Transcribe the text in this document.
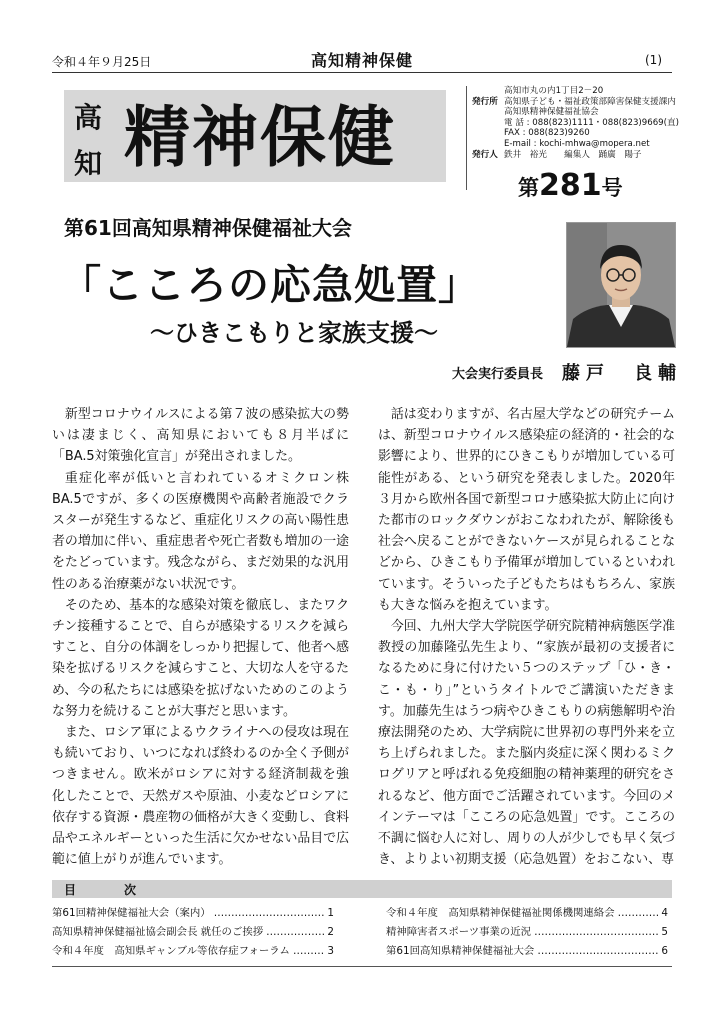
令和４年９月25日	高知精神保健	(1)
高
知 精神保健
高知市丸の内1丁目2－20
発行所 高知県子ども・福祉政策部障害保健支援課内
高知県精神保健福祉協会
電 話 : 088(823)1111・088(823)9669(直)
FAX : 088(823)9260
E-mail : kochi-mhwa@mopera.net
発行人 鉄井　裕光　　編集人　踊廣　陽子
第281号
第61回高知県精神保健福祉大会
「こころの応急処置」
～ひきこもりと家族支援～
大会実行委員長 藤戸　良輔

新型コロナウイルスによる第７波の感染拡大の勢いは凄まじく、高知県においても８月半ばに「BA.5対策強化宣言」が発出されました。

重症化率が低いと言われているオミクロン株BA.5ですが、多くの医療機関や高齢者施設でクラスターが発生するなど、重症化リスクの高い陽性患者の増加に伴い、重症患者や死亡者数も増加の一途をたどっています。残念ながら、まだ効果的な汎用性のある治療薬がない状況です。

そのため、基本的な感染対策を徹底し、またワクチン接種することで、自らが感染するリスクを減らすこと、自分の体調をしっかり把握して、他者へ感染を拡げるリスクを減らすこと、大切な人を守るため、今の私たちには感染を拡げないためのこのような努力を続けることが大事だと思います。

また、ロシア軍によるウクライナへの侵攻は現在も続いており、いつになれば終わるのか全く予側がつきません。欧米がロシアに対する経済制裁を強化したことで、天然ガスや原油、小麦などロシアに依存する資源・農産物の価格が大きく変動し、食料品やエネルギーといった生活に欠かせない品目で広範に値上がりが進んでいます。

話は変わりますが、名古屋大学などの研究チームは、新型コロナウイルス感染症の経済的・社会的な影響により、世界的にひきこもりが増加している可能性がある、という研究を発表しました。2020年３月から欧州各国で新型コロナ感染拡大防止に向けた都市のロックダウンがおこなわれたが、解除後も社会へ戻ることができないケースが見られることなどから、ひきこもり予備軍が増加しているといわれています。そういった子どもたちはもちろん、家族も大きな悩みを抱えています。

今回、九州大学大学院医学研究院精神病態医学准教授の加藤隆弘先生より、“家族が最初の支援者になるために身に付けたい５つのステップ「ひ・き・こ・も・り」”というタイトルでご講演いただきます。加藤先生はうつ病やひきこもりの病態解明や治療法開発のため、大学病院に世界初の専門外来を立ち上げられました。また脳内炎症に深く関わるミクログリアと呼ばれる免疫細胞の精神薬理的研究をされるなど、他方面でご活躍されています。今回のメインテーマは「こころの応急処置」です。こころの不調に悩む人に対し、周りの人が少しでも早く気づき、よりよい初期支援（応急処置）をおこない、専

目　次
第61回精神保健福祉大会（案内） …………………………………………………………………………………………	1
高知県精神保健福祉協会副会長 就任のご挨拶 …………………………………………………………………………………………	2
令和４年度　高知県ギャンブル等依存症フォーラム …………………………………………………………………………………………	3
令和４年度　高知県精神保健福祉関係機関連絡会 …………………………………………………………………………………………	4
精神障害者スポーツ事業の近況 …………………………………………………………………………………………	5
第61回高知県精神保健福祉大会 …………………………………………………………………………………………	6
